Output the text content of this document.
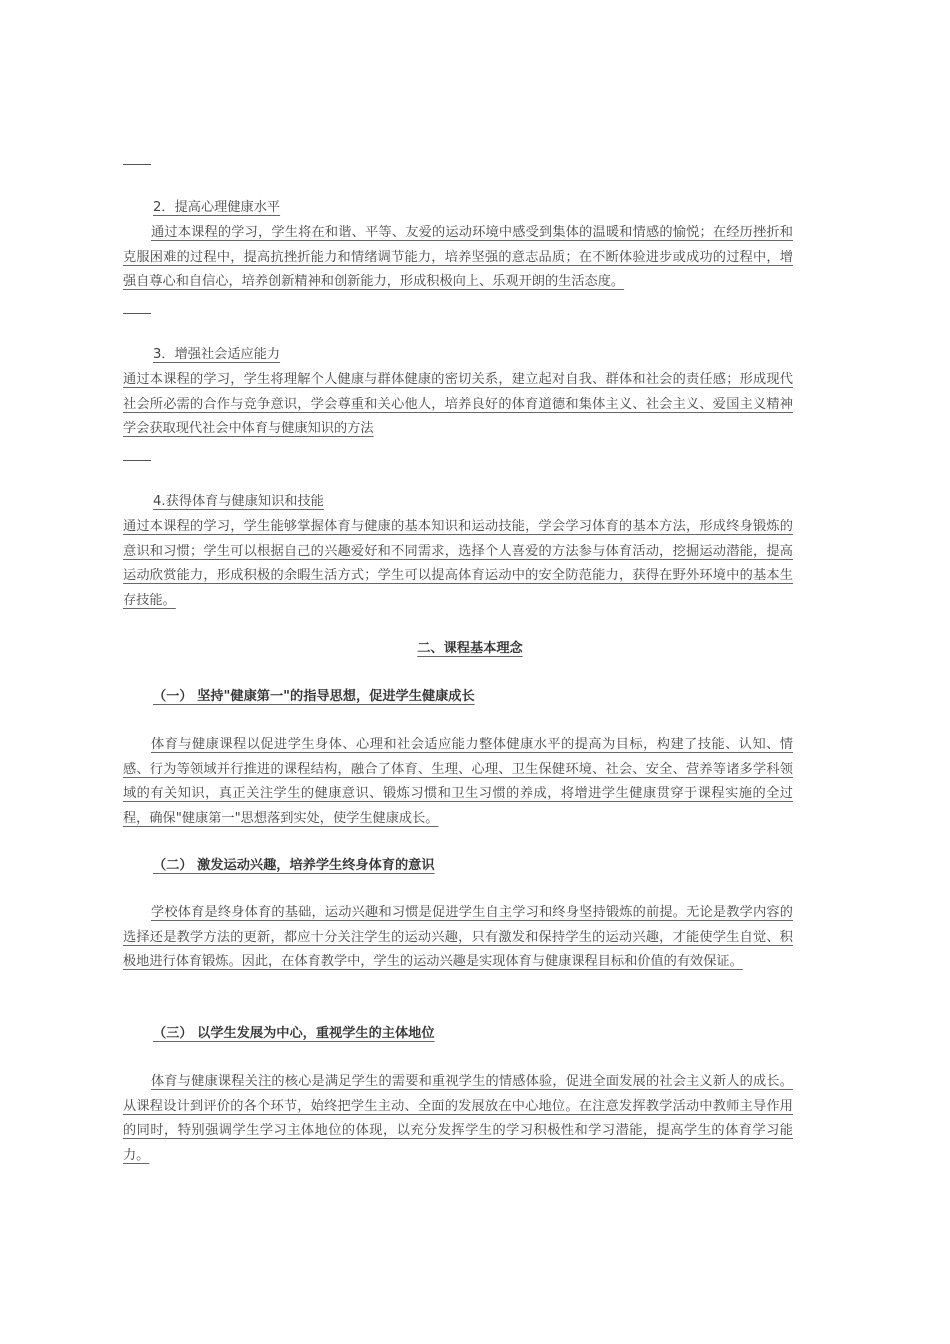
2．提高心理健康水平
通过本课程的学习，学生将在和谐、平等、友爱的运动环境中感受到集体的温暖和情感的愉悦；在经历挫折和克服困难的过程中，提高抗挫折能力和情绪调节能力，培养坚强的意志品质；在不断体验进步或成功的过程中，增强自尊心和自信心，培养创新精神和创新能力，形成积极向上、乐观开朗的生活态度。
3．增强社会适应能力
通过本课程的学习，学生将理解个人健康与群体健康的密切关系，建立起对自我、群体和社会的责任感；形成现代社会所必需的合作与竞争意识，学会尊重和关心他人，培养良好的体育道德和集体主义、社会主义、爱国主义精神学会获取现代社会中体育与健康知识的方法
4.获得体育与健康知识和技能
通过本课程的学习，学生能够掌握体育与健康的基本知识和运动技能，学会学习体育的基本方法，形成终身锻炼的意识和习惯；学生可以根据自己的兴趣爱好和不同需求，选择个人喜爱的方法参与体育活动，挖掘运动潜能，提高运动欣赏能力，形成积极的余暇生活方式；学生可以提高体育运动中的安全防范能力，获得在野外环境中的基本生存技能。
二、课程基本理念
（一） 坚持"健康第一"的指导思想，促进学生健康成长
体育与健康课程以促进学生身体、心理和社会适应能力整体健康水平的提高为目标，构建了技能、认知、情感、行为等领域并行推进的课程结构，融合了体育、生理、心理、卫生保健环境、社会、安全、营养等诸多学科领域的有关知识，真正关注学生的健康意识、锻炼习惯和卫生习惯的养成，将增进学生健康贯穿于课程实施的全过程，确保"健康第一"思想落到实处，使学生健康成长。
（二） 激发运动兴趣，培养学生终身体育的意识
学校体育是终身体育的基础，运动兴趣和习惯是促进学生自主学习和终身坚持锻炼的前提。无论是教学内容的选择还是教学方法的更新，都应十分关注学生的运动兴趣，只有激发和保持学生的运动兴趣，才能使学生自觉、积极地进行体育锻炼。因此，在体育教学中，学生的运动兴趣是实现体育与健康课程目标和价值的有效保证。
（三） 以学生发展为中心，重视学生的主体地位
体育与健康课程关注的核心是满足学生的需要和重视学生的情感体验，促进全面发展的社会主义新人的成长。从课程设计到评价的各个环节，始终把学生主动、全面的发展放在中心地位。在注意发挥教学活动中教师主导作用的同时，特别强调学生学习主体地位的体现，以充分发挥学生的学习积极性和学习潜能，提高学生的体育学习能力。
